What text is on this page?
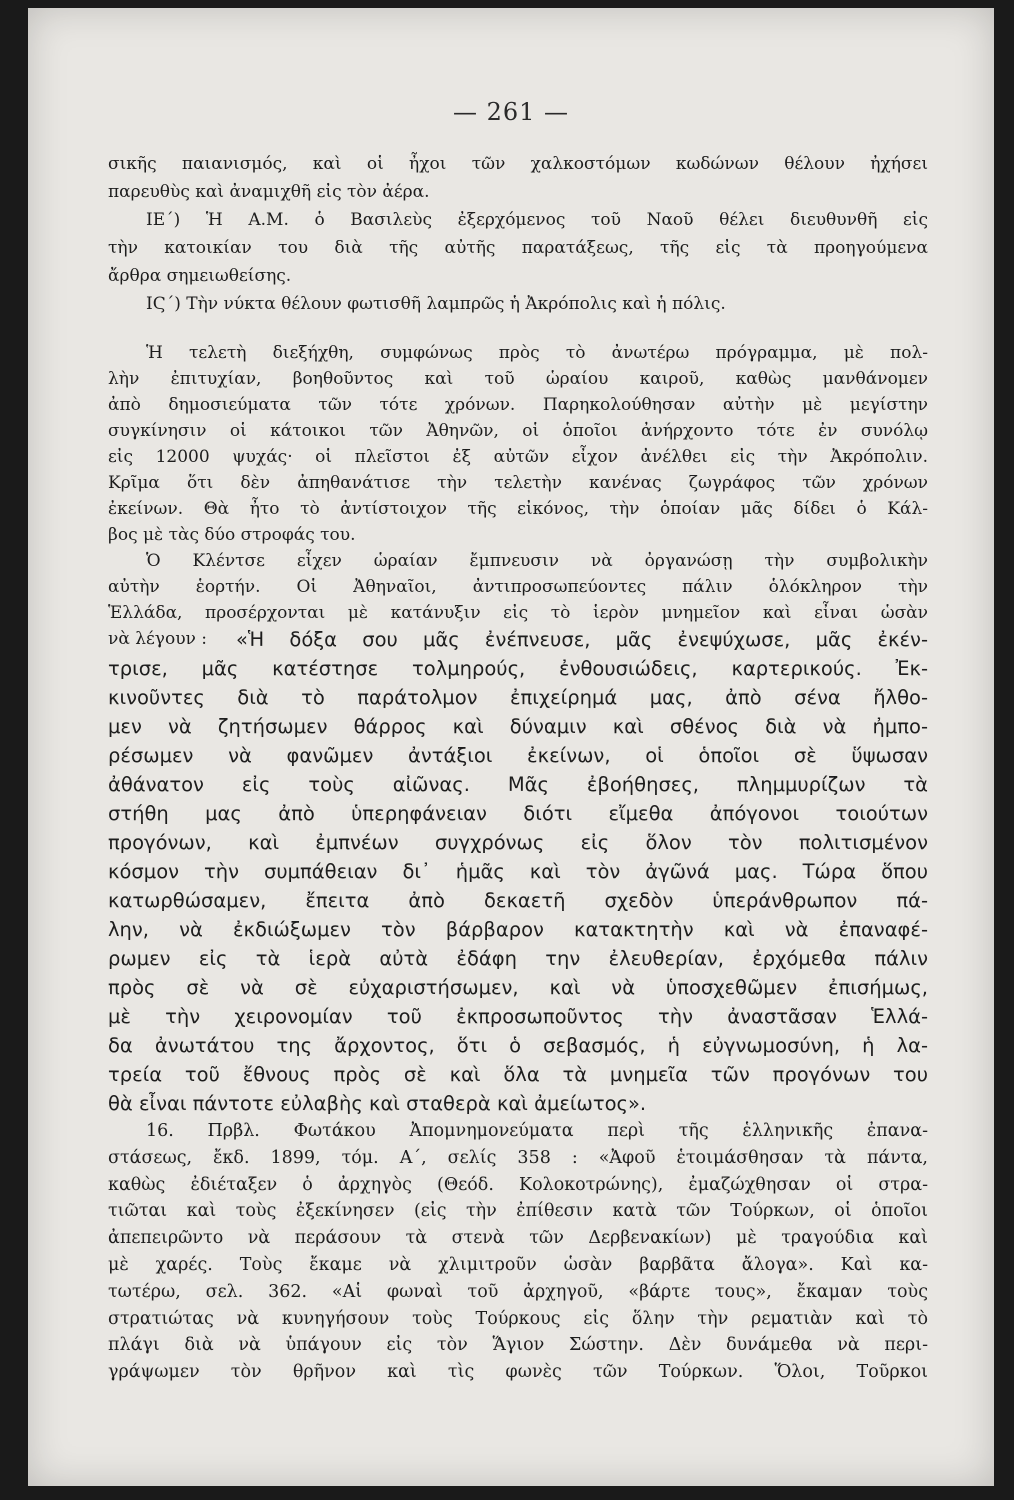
— 261 —
σικῆς παιανισμός, καὶ οἱ ἦχοι τῶν χαλκοστόμων κωδώνων θέλουν ἠχήσει
παρευθὺς καὶ ἀναμιχθῆ εἰς τὸν ἀέρα.
ΙΕ΄) Ἡ Α.Μ. ὁ Βασιλεὺς ἐξερχόμενος τοῦ Ναοῦ θέλει διευθυνθῆ εἰς
τὴν κατοικίαν του διὰ τῆς αὐτῆς παρατάξεως, τῆς εἰς τὰ προηγούμενα
ἄρθρα σημειωθείσης.
ΙϚ΄) Τὴν νύκτα θέλουν φωτισθῆ λαμπρῶς ἡ Ἀκρόπολις καὶ ἡ πόλις.
Ἡ τελετὴ διεξήχθη, συμφώνως πρὸς τὸ ἀνωτέρω πρόγραμμα, μὲ πολ-
λὴν ἐπιτυχίαν, βοηθοῦντος καὶ τοῦ ὡραίου καιροῦ, καθὼς μανθάνομεν
ἀπὸ δημοσιεύματα τῶν τότε χρόνων. Παρηκολούθησαν αὐτὴν μὲ μεγίστην
συγκίνησιν οἱ κάτοικοι τῶν Ἀθηνῶν, οἱ ὁποῖοι ἀνήρχοντο τότε ἐν συνόλῳ
εἰς 12000 ψυχάς· οἱ πλεῖστοι ἐξ αὐτῶν εἶχον ἀνέλθει εἰς τὴν Ἀκρόπολιν.
Κρῖμα ὅτι δὲν ἀπηθανάτισε τὴν τελετὴν κανένας ζωγράφος τῶν χρόνων
ἐκείνων. Θὰ ἦτο τὸ ἀντίστοιχον τῆς εἰκόνος, τὴν ὁποίαν μᾶς δίδει ὁ Κάλ-
βος μὲ τὰς δύο στροφάς του.
Ὁ Κλέντσε εἶχεν ὡραίαν ἔμπνευσιν νὰ ὀργανώσῃ τὴν συμβολικὴν
αὐτὴν ἑορτήν. Οἱ Ἀθηναῖοι, ἀντιπροσωπεύοντες πάλιν ὁλόκληρον τὴν
Ἑλλάδα, προσέρχονται μὲ κατάνυξιν εἰς τὸ ἱερὸν μνημεῖον καὶ εἶναι ὡσὰν
νὰ λέγουν :	«Ἡ δόξα σου μᾶς ἐνέπνευσε, μᾶς ἐνεψύχωσε, μᾶς ἐκέν-
τρισε, μᾶς κατέστησε τολμηρούς, ἐνθουσιώδεις, καρτερικούς. Ἐκ-
κινοῦντες διὰ τὸ παράτολμον ἐπιχείρημά μας, ἀπὸ σένα ἤλθο-
μεν νὰ ζητήσωμεν θάρρος καὶ δύναμιν καὶ σθένος διὰ νὰ ἠμπο-
ρέσωμεν νὰ φανῶμεν ἀντάξιοι ἐκείνων, οἱ ὁποῖοι σὲ ὕψωσαν
ἀθάνατον εἰς τοὺς αἰῶνας. Μᾶς ἐβοήθησες, πλημμυρίζων τὰ
στήθη μας ἀπὸ ὑπερηφάνειαν διότι εἴμεθα ἀπόγονοι τοιούτων
προγόνων, καὶ ἐμπνέων συγχρόνως εἰς ὅλον τὸν πολιτισμένον
κόσμον τὴν συμπάθειαν δι᾽ ἡμᾶς καὶ τὸν ἀγῶνά μας. Τώρα ὅπου
κατωρθώσαμεν, ἔπειτα ἀπὸ δεκαετῆ σχεδὸν ὑπεράνθρωπον πά-
λην, νὰ ἐκδιώξωμεν τὸν βάρβαρον κατακτητὴν καὶ νὰ ἐπαναφέ-
ρωμεν εἰς τὰ ἱερὰ αὐτὰ ἐδάφη την ἐλευθερίαν, ἐρχόμεθα πάλιν
πρὸς σὲ νὰ σὲ εὐχαριστήσωμεν, καὶ νὰ ὑποσχεθῶμεν ἐπισήμως,
μὲ τὴν χειρονομίαν τοῦ ἐκπροσωποῦντος τὴν ἀναστᾶσαν Ἑλλά-
δα ἀνωτάτου της ἄρχοντος, ὅτι ὁ σεβασμός, ἡ εὐγνωμοσύνη, ἡ λα-
τρεία τοῦ ἔθνους πρὸς σὲ καὶ ὅλα τὰ μνημεῖα τῶν προγόνων του
θὰ εἶναι πάντοτε εὐλαβὴς καὶ σταθερὰ καὶ ἀμείωτος».
16. Πρβλ. Φωτάκου Ἀπομνημονεύματα περὶ τῆς ἑλληνικῆς ἐπανα-
στάσεως, ἔκδ. 1899, τόμ. Α΄, σελίς 358 : «Ἀφοῦ ἑτοιμάσθησαν τὰ πάντα,
καθὼς ἐδιέταξεν ὁ ἀρχηγὸς (Θεόδ. Κολοκοτρώνης), ἐμαζώχθησαν οἱ στρα-
τιῶται καὶ τοὺς ἐξεκίνησεν (εἰς τὴν ἐπίθεσιν κατὰ τῶν Τούρκων, οἱ ὁποῖοι
ἀπεπειρῶντο νὰ περάσουν τὰ στενὰ τῶν Δερβενακίων) μὲ τραγούδια καὶ
μὲ χαρές. Τοὺς ἔκαμε νὰ χλιμιτροῦν ὡσὰν βαρβᾶτα ἄλογα». Καὶ κα-
τωτέρω, σελ. 362. «Αἱ φωναὶ τοῦ ἀρχηγοῦ, «βάρτε τους», ἔκαμαν τοὺς
στρατιώτας νὰ κυνηγήσουν τοὺς Τούρκους εἰς ὅλην τὴν ρεματιὰν καὶ τὸ
πλάγι διὰ νὰ ὑπάγουν εἰς τὸν Ἅγιον Σώστην. Δὲν δυνάμεθα νὰ περι-
γράψωμεν τὸν θρῆνον καὶ τὶς φωνὲς τῶν Τούρκων. Ὅλοι, Τοῦρκοι
